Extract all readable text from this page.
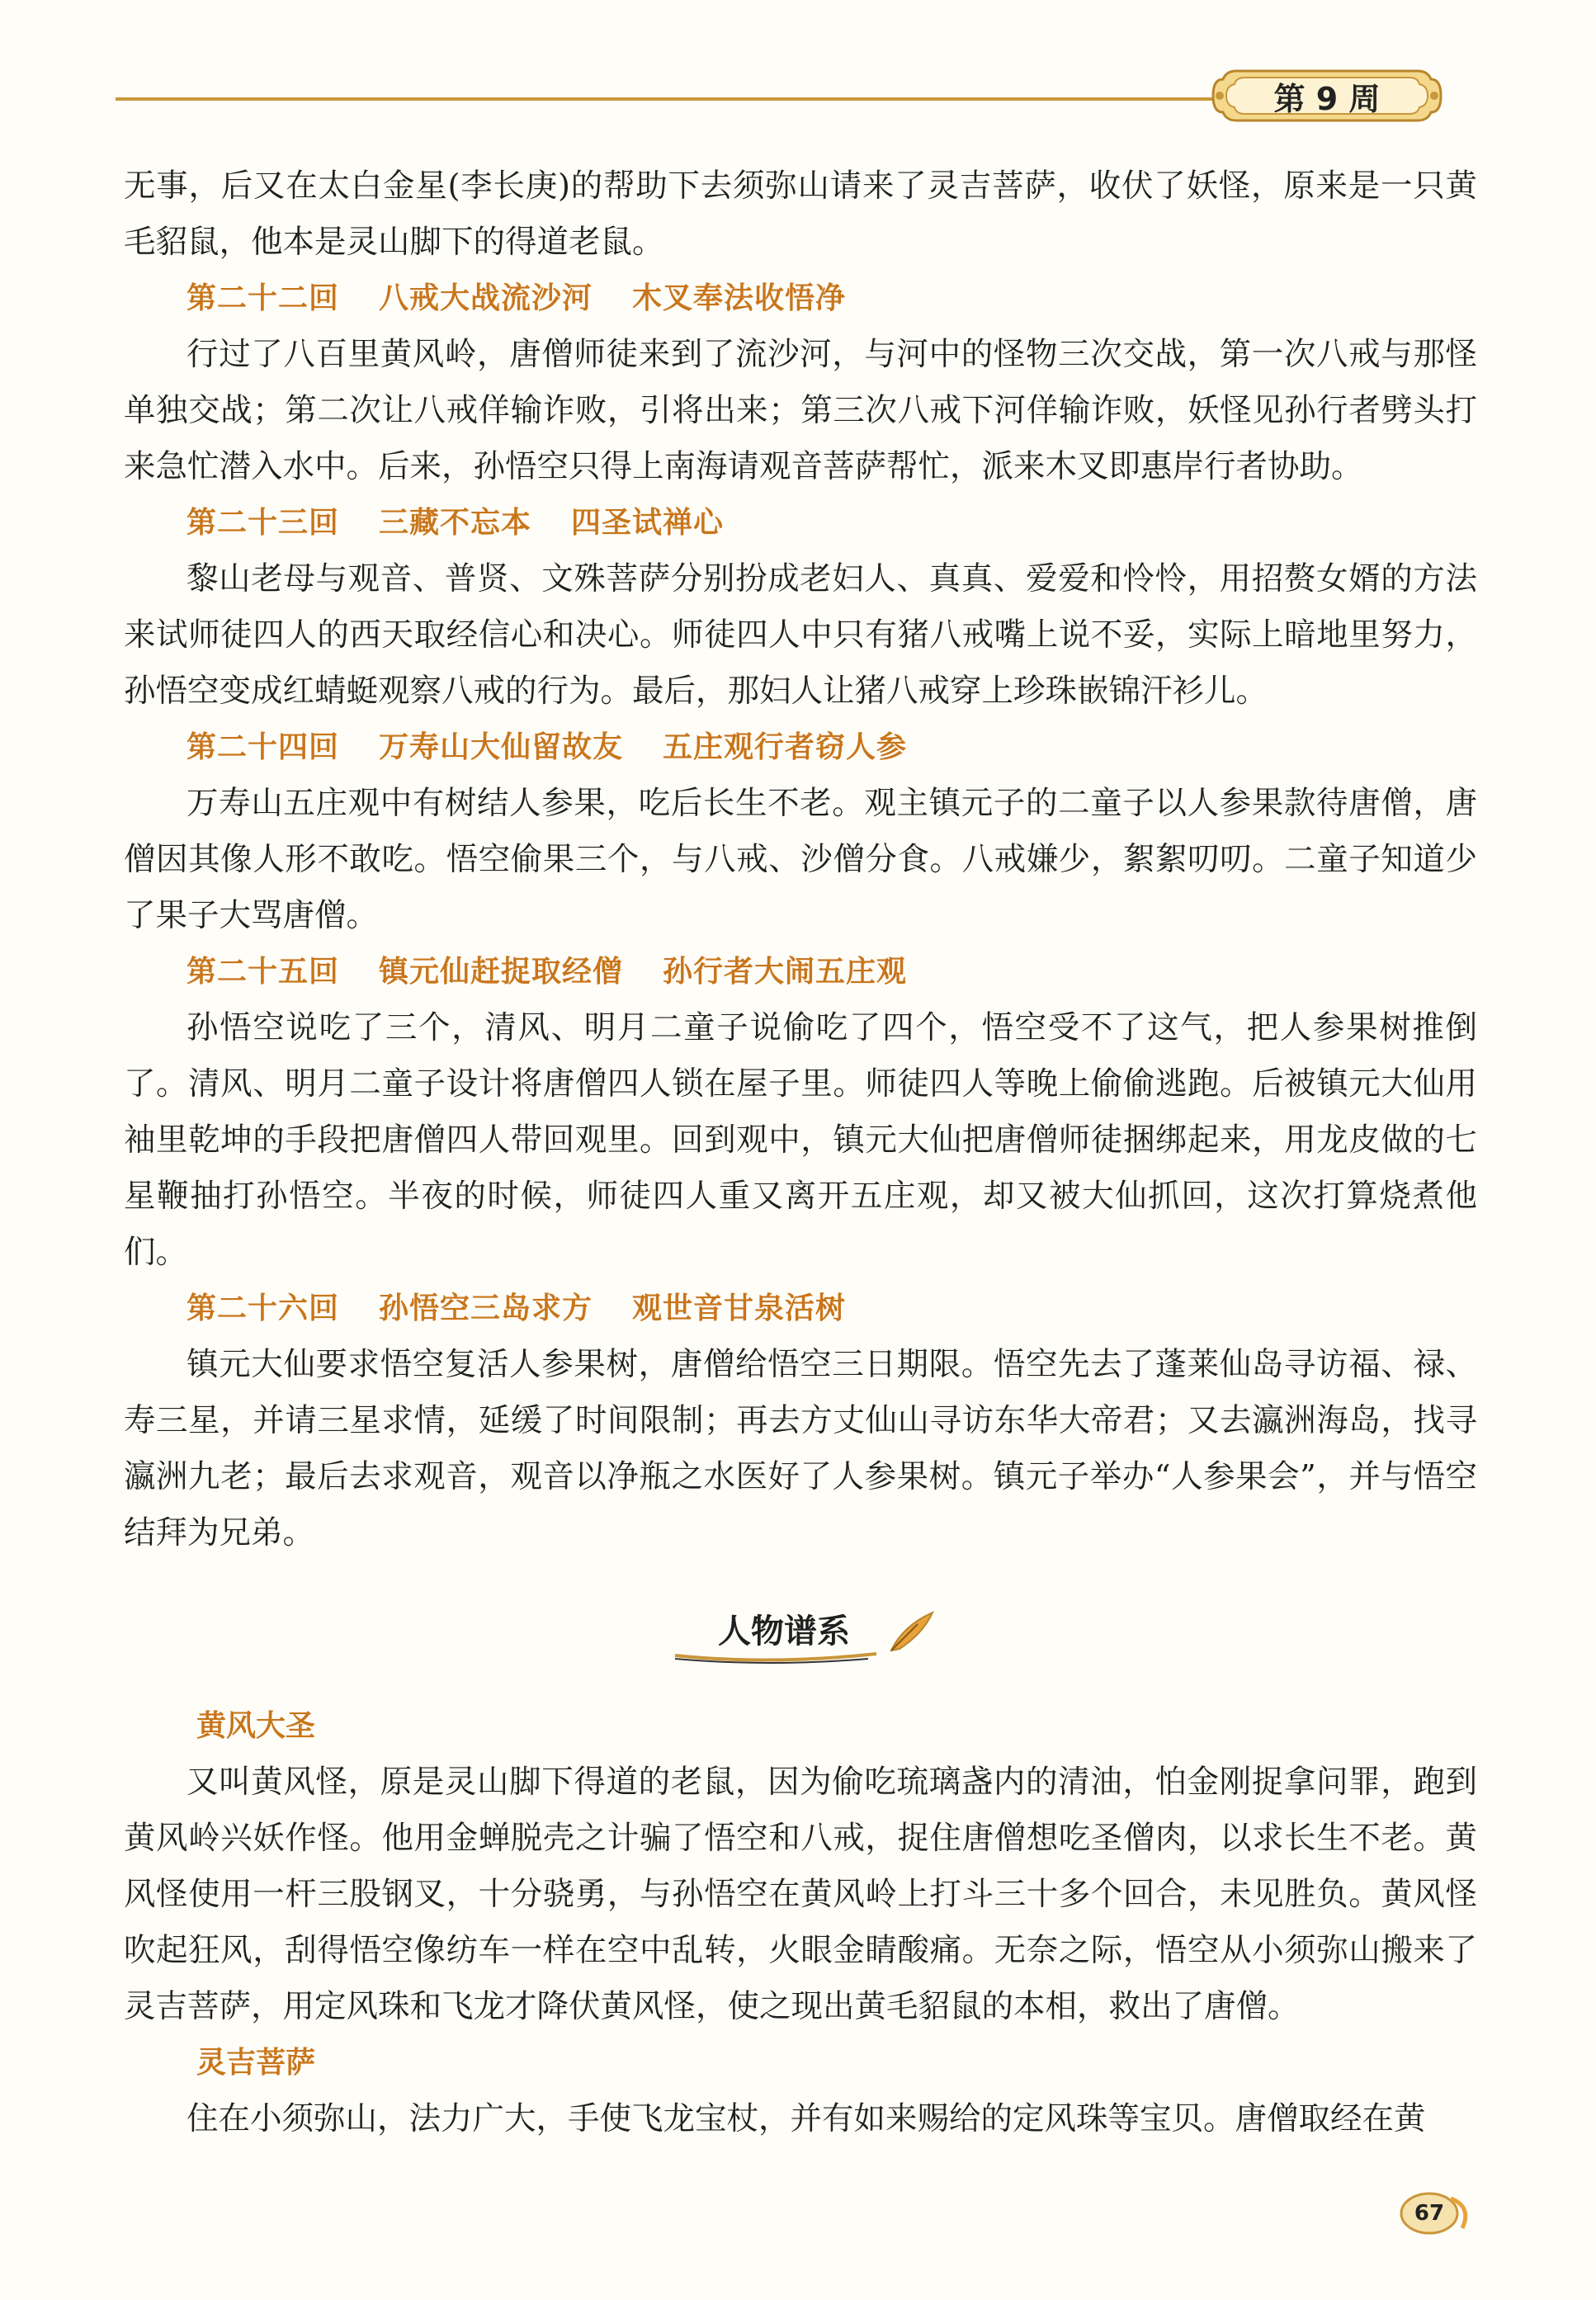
第 9 周

无事，后又在太白金星(李长庚)的帮助下去须弥山请来了灵吉菩萨，收伏了妖怪，原来是一只黄毛貂鼠，他本是灵山脚下的得道老鼠。

第二十二回 八戒大战流沙河 木叉奉法收悟净

行过了八百里黄风岭，唐僧师徒来到了流沙河，与河中的怪物三次交战，第一次八戒与那怪单独交战；第二次让八戒佯输诈败，引将出来；第三次八戒下河佯输诈败，妖怪见孙行者劈头打来急忙潜入水中。后来，孙悟空只得上南海请观音菩萨帮忙，派来木叉即惠岸行者协助。

第二十三回 三藏不忘本 四圣试禅心

黎山老母与观音、普贤、文殊菩萨分别扮成老妇人、真真、爱爱和怜怜，用招赘女婿的方法来试师徒四人的西天取经信心和决心。师徒四人中只有猪八戒嘴上说不妥，实际上暗地里努力，孙悟空变成红蜻蜓观察八戒的行为。最后，那妇人让猪八戒穿上珍珠嵌锦汗衫儿。

第二十四回 万寿山大仙留故友 五庄观行者窃人参

万寿山五庄观中有树结人参果，吃后长生不老。观主镇元子的二童子以人参果款待唐僧，唐僧因其像人形不敢吃。悟空偷果三个，与八戒、沙僧分食。八戒嫌少，絮絮叨叨。二童子知道少了果子大骂唐僧。

第二十五回 镇元仙赶捉取经僧 孙行者大闹五庄观

孙悟空说吃了三个，清风、明月二童子说偷吃了四个，悟空受不了这气，把人参果树推倒了。清风、明月二童子设计将唐僧四人锁在屋子里。师徒四人等晚上偷偷逃跑。后被镇元大仙用袖里乾坤的手段把唐僧四人带回观里。回到观中，镇元大仙把唐僧师徒捆绑起来，用龙皮做的七星鞭抽打孙悟空。半夜的时候，师徒四人重又离开五庄观，却又被大仙抓回，这次打算烧煮他们。

第二十六回 孙悟空三岛求方 观世音甘泉活树

镇元大仙要求悟空复活人参果树，唐僧给悟空三日期限。悟空先去了蓬莱仙岛寻访福、禄、寿三星，并请三星求情，延缓了时间限制；再去方丈仙山寻访东华大帝君；又去瀛洲海岛，找寻瀛洲九老；最后去求观音，观音以净瓶之水医好了人参果树。镇元子举办“人参果会”，并与悟空结拜为兄弟。

人物谱系

黄风大圣

又叫黄风怪，原是灵山脚下得道的老鼠，因为偷吃琉璃盏内的清油，怕金刚捉拿问罪，跑到黄风岭兴妖作怪。他用金蝉脱壳之计骗了悟空和八戒，捉住唐僧想吃圣僧肉，以求长生不老。黄风怪使用一杆三股钢叉，十分骁勇，与孙悟空在黄风岭上打斗三十多个回合，未见胜负。黄风怪吹起狂风，刮得悟空像纺车一样在空中乱转，火眼金睛酸痛。无奈之际，悟空从小须弥山搬来了灵吉菩萨，用定风珠和飞龙才降伏黄风怪，使之现出黄毛貂鼠的本相，救出了唐僧。

灵吉菩萨

住在小须弥山，法力广大，手使飞龙宝杖，并有如来赐给的定风珠等宝贝。唐僧取经在黄

67
